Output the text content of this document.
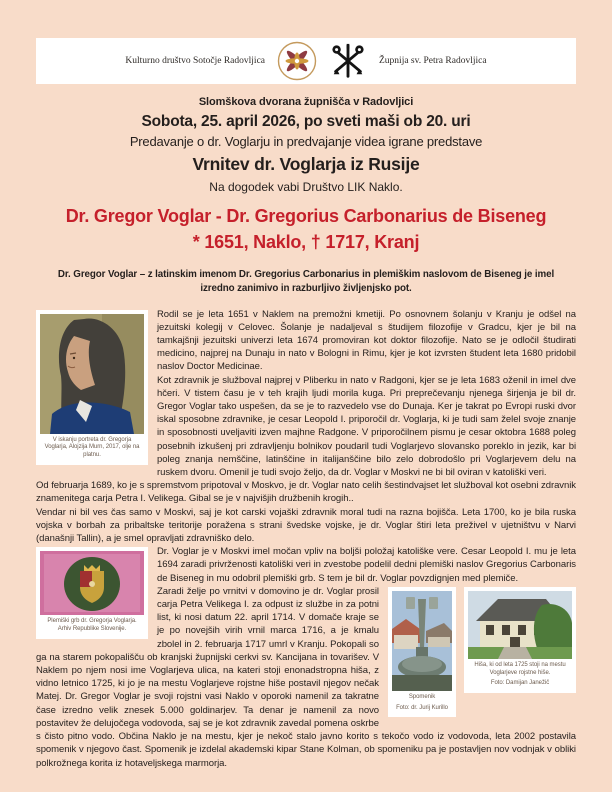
Kulturno društvo Sotočje Radovljica	Župnija sv. Petra Radovljica
Slomškova dvorana župnišča v Radovljici
Sobota, 25. april 2026, po sveti maši ob 20. uri
Predavanje o dr. Voglarju in predvajanje videa igrane predstave
Vrnitev dr. Voglarja iz Rusije
Na dogodek vabi Društvo LIK Naklo.
Dr. Gregor Voglar - Dr. Gregorius Carbonarius de Biseneg
* 1651, Naklo, † 1717, Kranj
Dr. Gregor Voglar – z latinskim imenom Dr. Gregorius Carbonarius in plemiškim naslovom de Biseneg je imel izredno zanimivo in razburljivo življenjsko pot.
V iskanju portreta dr. Gregorja Voglarja, Alojzija Murn, 2017, olje na platnu.

Rodil se je leta 1651 v Naklem na premožni kmetiji. Po osnovnem šolanju v Kranju je odšel na jezuitski kolegij v Celovec. Šolanje je nadaljeval s študijem filozofije v Gradcu, kjer je bil na tamkajšnji jezuitski univerzi leta 1674 promoviran kot doktor filozofije. Nato se je odločil študirati medicino, najprej na Dunaju in nato v Bologni in Rimu, kjer je kot izvrsten študent leta 1680 pridobil naslov Doctor Medicinae.

Kot zdravnik je služboval najprej v Pliberku in nato v Radgoni, kjer se je leta 1683 oženil in imel dve hčeri. V tistem času je v teh krajih ljudi morila kuga. Pri preprečevanju njenega širjenja je bil dr. Gregor Voglar tako uspešen, da se je to razvedelo vse do Dunaja. Ker je takrat po Evropi ruski dvor iskal sposobne zdravnike, je cesar Leopold I. priporočil dr. Voglarja, ki je tudi sam želel svoje znanje in sposobnosti uveljaviti izven majhne Radgone. V priporočilnem pismu je cesar oktobra 1688 poleg posebnih izkušenj pri zdravljenju bolnikov poudaril tudi Voglarjevo slovansko poreklo in jezik, kar bi poleg znanja nemščine, latinščine in italijanščine bilo zelo dobrodošlo pri Voglarjevem delu na ruskem dvoru. Omenil je tudi svojo željo, da dr. Voglar v Moskvi ne bi bil oviran v katoliški veri.

Od februarja 1689, ko je s spremstvom pripotoval v Moskvo, je dr. Voglar nato celih šestindvajset let služboval kot osebni zdravnik znamenitega carja Petra I. Velikega. Gibal se je v najvišjih družbenih krogih..

Vendar ni bil ves čas samo v Moskvi, saj je kot carski vojaški zdravnik moral tudi na razna bojišča. Leta 1700, ko je bila ruska vojska v borbah za pribaltske teritorije poražena s strani švedske vojske, je dr. Voglar štiri leta preživel v ujetništvu v Narvi (današnji Tallin), a je smel opravljati zdravniško delo.

Plemiški grb dr. Gregorja Voglarja.
Arhiv Republike Slovenije.

Dr. Voglar je v Moskvi imel močan vpliv na boljši položaj katoliške vere. Cesar Leopold I. mu je leta 1694 zaradi privrženosti katoliški veri in zvestobe podelil dedni plemiški naslov Gregorius Carbonaris de Biseneg in mu odobril plemiški grb. S tem je bil dr. Voglar povzdignjen med plemiče.

Spomenik
Foto: dr. Jurij Kurillo
Hiša, ki od leta 1725 stoji na mestu Voglarjeve rojstne hiše.
Foto: Damijan Janežič

Zaradi želje po vrnitvi v domovino je dr. Voglar prosil carja Petra Velikega I. za odpust iz službe in za potni list, ki nosi datum 22. april 1714. V domače kraje se je po novejših virih vrnil marca 1716, a je kmalu zbolel in 2. februarja 1717 umrl v Kranju. Pokopali so ga na starem pokopališču ob kranjski župnijski cerkvi sv. Kancijana in tovarišev. V Naklem po njem nosi ime Voglarjeva ulica, na kateri stoji enonadstropna hiša, z vidno letnico 1725, ki jo je na mestu Voglarjeve rojstne hiše postavil njegov nečak Matej. Dr. Gregor Voglar je svoji rojstni vasi Naklo v oporoki namenil za takratne čase izredno velik znesek 5.000 goldinarjev. Ta denar je namenil za novo postavitev že delujočega vodovoda, saj se je kot zdravnik zavedal pomena oskrbe s čisto pitno vodo. Občina Naklo je na mestu, kjer je nekoč stalo javno korito s tekočo vodo iz vodovoda, leta 2002 postavila spomenik v njegovo čast. Spomenik je izdelal akademski kipar Stane Kolman, ob spomeniku pa je postavljen nov vodnjak v obliki polkrožnega korita iz hotaveljskega marmorja.
